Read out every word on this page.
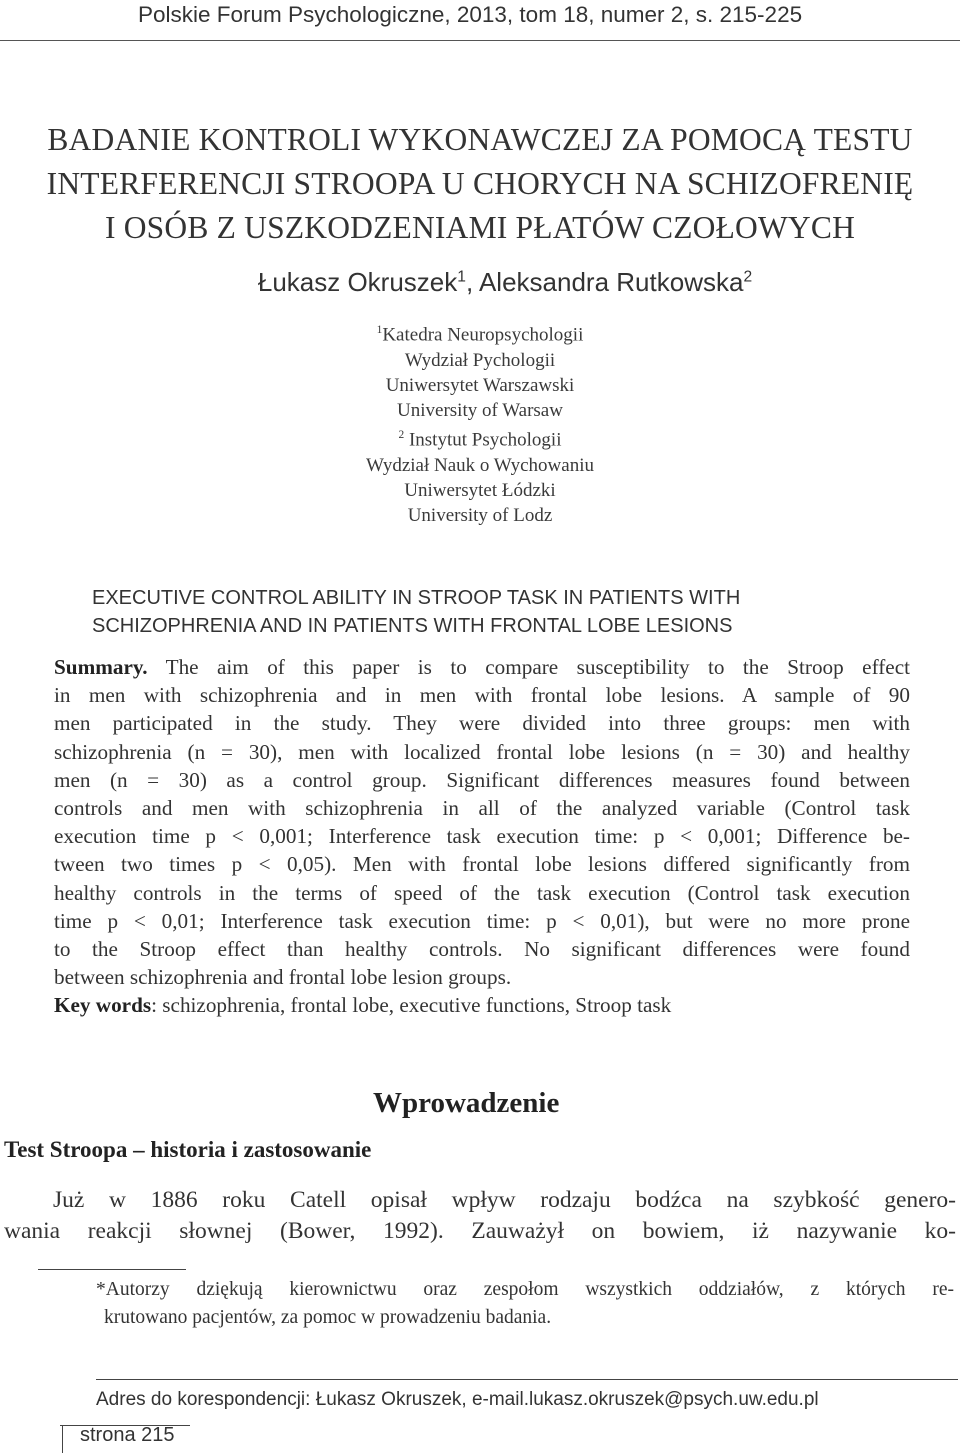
Polskie Forum Psychologiczne, 2013, tom 18, numer 2, s. 215-225
BADANIE KONTROLI WYKONAWCZEJ ZA POMOCĄ TESTU
INTERFERENCJI STROOPA U CHORYCH NA SCHIZOFRENIĘ
I OSÓB Z USZKODZENIAMI PŁATÓW CZOŁOWYCH
Łukasz Okruszek$^1$, Aleksandra Rutkowska$^2$
$^1$Katedra Neuropsychologii
Wydział Pychologii
Uniwersytet Warszawski
University of Warsaw
$^2$ Instytut Psychologii
Wydział Nauk o Wychowaniu
Uniwersytet Łódzki
University of Lodz
EXECUTIVE CONTROL ABILITY IN STROOP TASK IN PATIENTS WITH
SCHIZOPHRENIA AND IN PATIENTS WITH FRONTAL LOBE LESIONS
Summary. The aim of this paper is to compare susceptibility to the Stroop effect
in men with schizophrenia and in men with frontal lobe lesions. A sample of 90
men participated in the study. They were divided into three groups: men with
schizophrenia (n = 30), men with localized frontal lobe lesions (n = 30) and healthy
men (n = 30) as a control group. Significant differences measures found between
controls and men with schizophrenia in all of the analyzed variable (Control task
execution time p < 0,001; Interference task execution time: p < 0,001; Difference be-
tween two times p < 0,05). Men with frontal lobe lesions differed significantly from
healthy controls in the terms of speed of the task execution (Control task execution
time p < 0,01; Interference task execution time: p < 0,01), but were no more prone
to the Stroop effect than healthy controls. No significant differences were found
between schizophrenia and frontal lobe lesion groups.
Key words: schizophrenia, frontal lobe, executive functions, Stroop task
Wprowadzenie
Test Stroopa – historia i zastosowanie
Już w 1886 roku Catell opisał wpływ rodzaju bodźca na szybkość genero-
wania reakcji słownej (Bower, 1992). Zauważył on bowiem, iż nazywanie ko-
*Autorzy dziękują kierownictwu oraz zespołom wszystkich oddziałów, z których re-
krutowano pacjentów, za pomoc w prowadzeniu badania.
Adres do korespondencji: Łukasz Okruszek, e-mail.lukasz.okruszek@psych.uw.edu.pl
strona 215
